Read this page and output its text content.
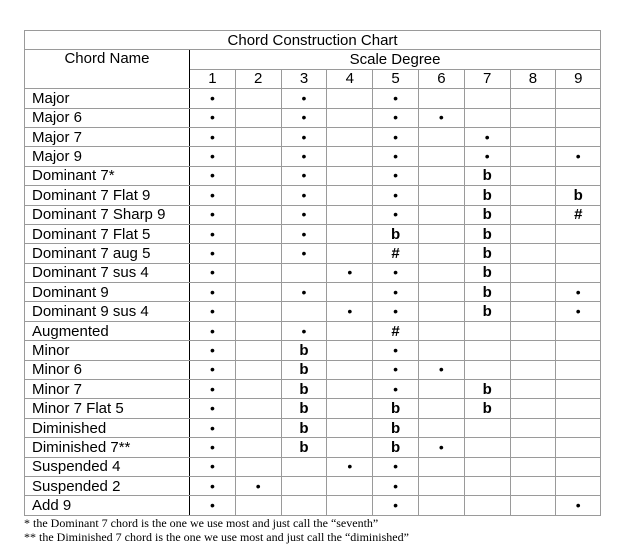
Chord Construction Chart									
Chord Name	Scale Degree								
	1	2	3	4	5	6	7	8	9
Major	•		•		•				
Major 6	•		•		•	•			
Major 7	•		•		•		•		
Major 9	•		•		•		•		•
Dominant 7*	•		•		•		b		
Dominant 7 Flat 9	•		•		•		b		b
Dominant 7 Sharp 9	•		•		•		b		#
Dominant 7 Flat 5	•		•		b		b		
Dominant 7 aug 5	•		•		#		b		
Dominant 7 sus 4	•			•	•		b		
Dominant 9	•		•		•		b		•
Dominant 9 sus 4	•			•	•		b		•
Augmented	•		•		#				
Minor	•		b		•				
Minor 6	•		b		•	•			
Minor 7	•		b		•		b		
Minor 7 Flat 5	•		b		b		b		
Diminished	•		b		b				
Diminished 7**	•		b		b	•			
Suspended 4	•			•	•				
Suspended 2	•	•			•				
Add 9	•				•				•
* the Dominant 7 chord is the one we use most and just call the “seventh”
** the Diminished 7 chord is the one we use most and just call the “diminished”
